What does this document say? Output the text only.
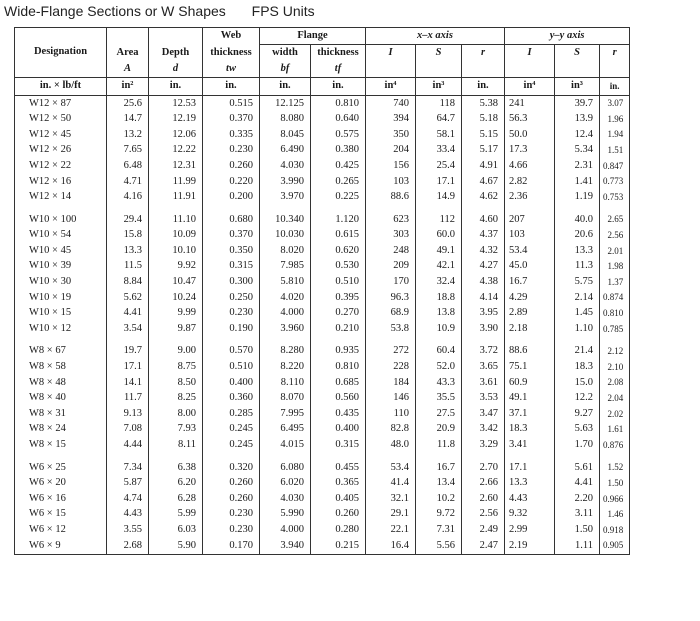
Wide-Flange Sections or W Shapes FPS Units
Designation			Web	Flange		x–x axis			y–y axis		
	Area	Depth	thickness	width	thickness	I	S	r	I	S	r
	A	d	tw	bf	tf						
in. × lb/ft	in²	in.	in.	in.	in.	in⁴	in³	in.	in⁴	in³	in.
W12 × 87	25.6	12.53	0.515	12.125	0.810	740	118	5.38	241	39.7	3.07
W12 × 50	14.7	12.19	0.370	8.080	0.640	394	64.7	5.18	56.3	13.9	1.96
W12 × 45	13.2	12.06	0.335	8.045	0.575	350	58.1	5.15	50.0	12.4	1.94
W12 × 26	7.65	12.22	0.230	6.490	0.380	204	33.4	5.17	17.3	5.34	1.51
W12 × 22	6.48	12.31	0.260	4.030	0.425	156	25.4	4.91	4.66	2.31	0.847
W12 × 16	4.71	11.99	0.220	3.990	0.265	103	17.1	4.67	2.82	1.41	0.773
W12 × 14	4.16	11.91	0.200	3.970	0.225	88.6	14.9	4.62	2.36	1.19	0.753

W10 × 100	29.4	11.10	0.680	10.340	1.120	623	112	4.60	207	40.0	2.65
W10 × 54	15.8	10.09	0.370	10.030	0.615	303	60.0	4.37	103	20.6	2.56
W10 × 45	13.3	10.10	0.350	8.020	0.620	248	49.1	4.32	53.4	13.3	2.01
W10 × 39	11.5	9.92	0.315	7.985	0.530	209	42.1	4.27	45.0	11.3	1.98
W10 × 30	8.84	10.47	0.300	5.810	0.510	170	32.4	4.38	16.7	5.75	1.37
W10 × 19	5.62	10.24	0.250	4.020	0.395	96.3	18.8	4.14	4.29	2.14	0.874
W10 × 15	4.41	9.99	0.230	4.000	0.270	68.9	13.8	3.95	2.89	1.45	0.810
W10 × 12	3.54	9.87	0.190	3.960	0.210	53.8	10.9	3.90	2.18	1.10	0.785

W8 × 67	19.7	9.00	0.570	8.280	0.935	272	60.4	3.72	88.6	21.4	2.12
W8 × 58	17.1	8.75	0.510	8.220	0.810	228	52.0	3.65	75.1	18.3	2.10
W8 × 48	14.1	8.50	0.400	8.110	0.685	184	43.3	3.61	60.9	15.0	2.08
W8 × 40	11.7	8.25	0.360	8.070	0.560	146	35.5	3.53	49.1	12.2	2.04
W8 × 31	9.13	8.00	0.285	7.995	0.435	110	27.5	3.47	37.1	9.27	2.02
W8 × 24	7.08	7.93	0.245	6.495	0.400	82.8	20.9	3.42	18.3	5.63	1.61
W8 × 15	4.44	8.11	0.245	4.015	0.315	48.0	11.8	3.29	3.41	1.70	0.876

W6 × 25	7.34	6.38	0.320	6.080	0.455	53.4	16.7	2.70	17.1	5.61	1.52
W6 × 20	5.87	6.20	0.260	6.020	0.365	41.4	13.4	2.66	13.3	4.41	1.50
W6 × 16	4.74	6.28	0.260	4.030	0.405	32.1	10.2	2.60	4.43	2.20	0.966
W6 × 15	4.43	5.99	0.230	5.990	0.260	29.1	9.72	2.56	9.32	3.11	1.46
W6 × 12	3.55	6.03	0.230	4.000	0.280	22.1	7.31	2.49	2.99	1.50	0.918
W6 × 9	2.68	5.90	0.170	3.940	0.215	16.4	5.56	2.47	2.19	1.11	0.905
